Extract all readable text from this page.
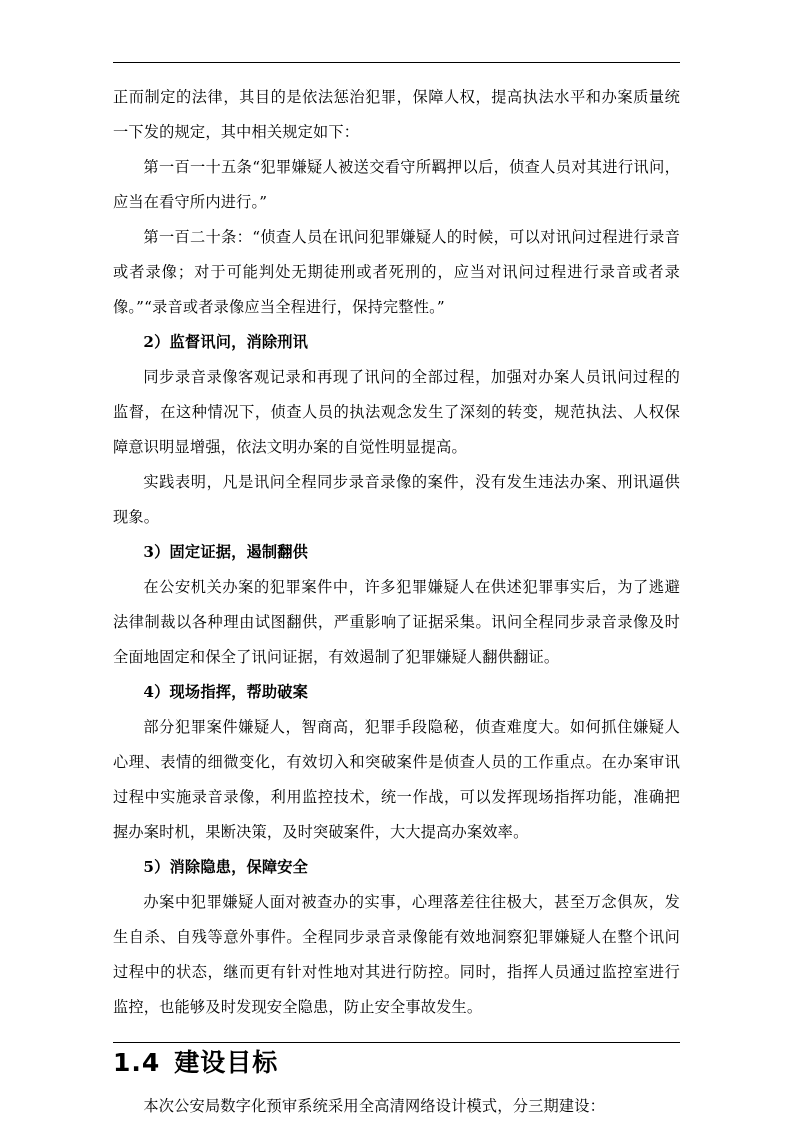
正而制定的法律，其目的是依法惩治犯罪，保障人权，提高执法水平和办案质量统一下发的规定，其中相关规定如下：

第一百一十五条“犯罪嫌疑人被送交看守所羁押以后，侦查人员对其进行讯问，应当在看守所内进行。”

第一百二十条：“侦查人员在讯问犯罪嫌疑人的时候，可以对讯问过程进行录音或者录像；对于可能判处无期徒刑或者死刑的，应当对讯问过程进行录音或者录像。”“录音或者录像应当全程进行，保持完整性。”

2）监督讯问，消除刑讯

同步录音录像客观记录和再现了讯问的全部过程，加强对办案人员讯问过程的监督，在这种情况下，侦查人员的执法观念发生了深刻的转变，规范执法、人权保障意识明显增强，依法文明办案的自觉性明显提高。

实践表明，凡是讯问全程同步录音录像的案件，没有发生违法办案、刑讯逼供现象。

3）固定证据，遏制翻供

在公安机关办案的犯罪案件中，许多犯罪嫌疑人在供述犯罪事实后，为了逃避法律制裁以各种理由试图翻供，严重影响了证据采集。讯问全程同步录音录像及时全面地固定和保全了讯问证据，有效遏制了犯罪嫌疑人翻供翻证。

4）现场指挥，帮助破案

部分犯罪案件嫌疑人，智商高，犯罪手段隐秘，侦查难度大。如何抓住嫌疑人心理、表情的细微变化，有效切入和突破案件是侦查人员的工作重点。在办案审讯过程中实施录音录像，利用监控技术，统一作战，可以发挥现场指挥功能，准确把握办案时机，果断决策，及时突破案件，大大提高办案效率。

5）消除隐患，保障安全

办案中犯罪嫌疑人面对被查办的实事，心理落差往往极大，甚至万念俱灰，发生自杀、自残等意外事件。全程同步录音录像能有效地洞察犯罪嫌疑人在整个讯问过程中的状态，继而更有针对性地对其进行防控。同时，指挥人员通过监控室进行监控，也能够及时发现安全隐患，防止安全事故发生。

1.4 建设目标

本次公安局数字化预审系统采用全高清网络设计模式，分三期建设：
